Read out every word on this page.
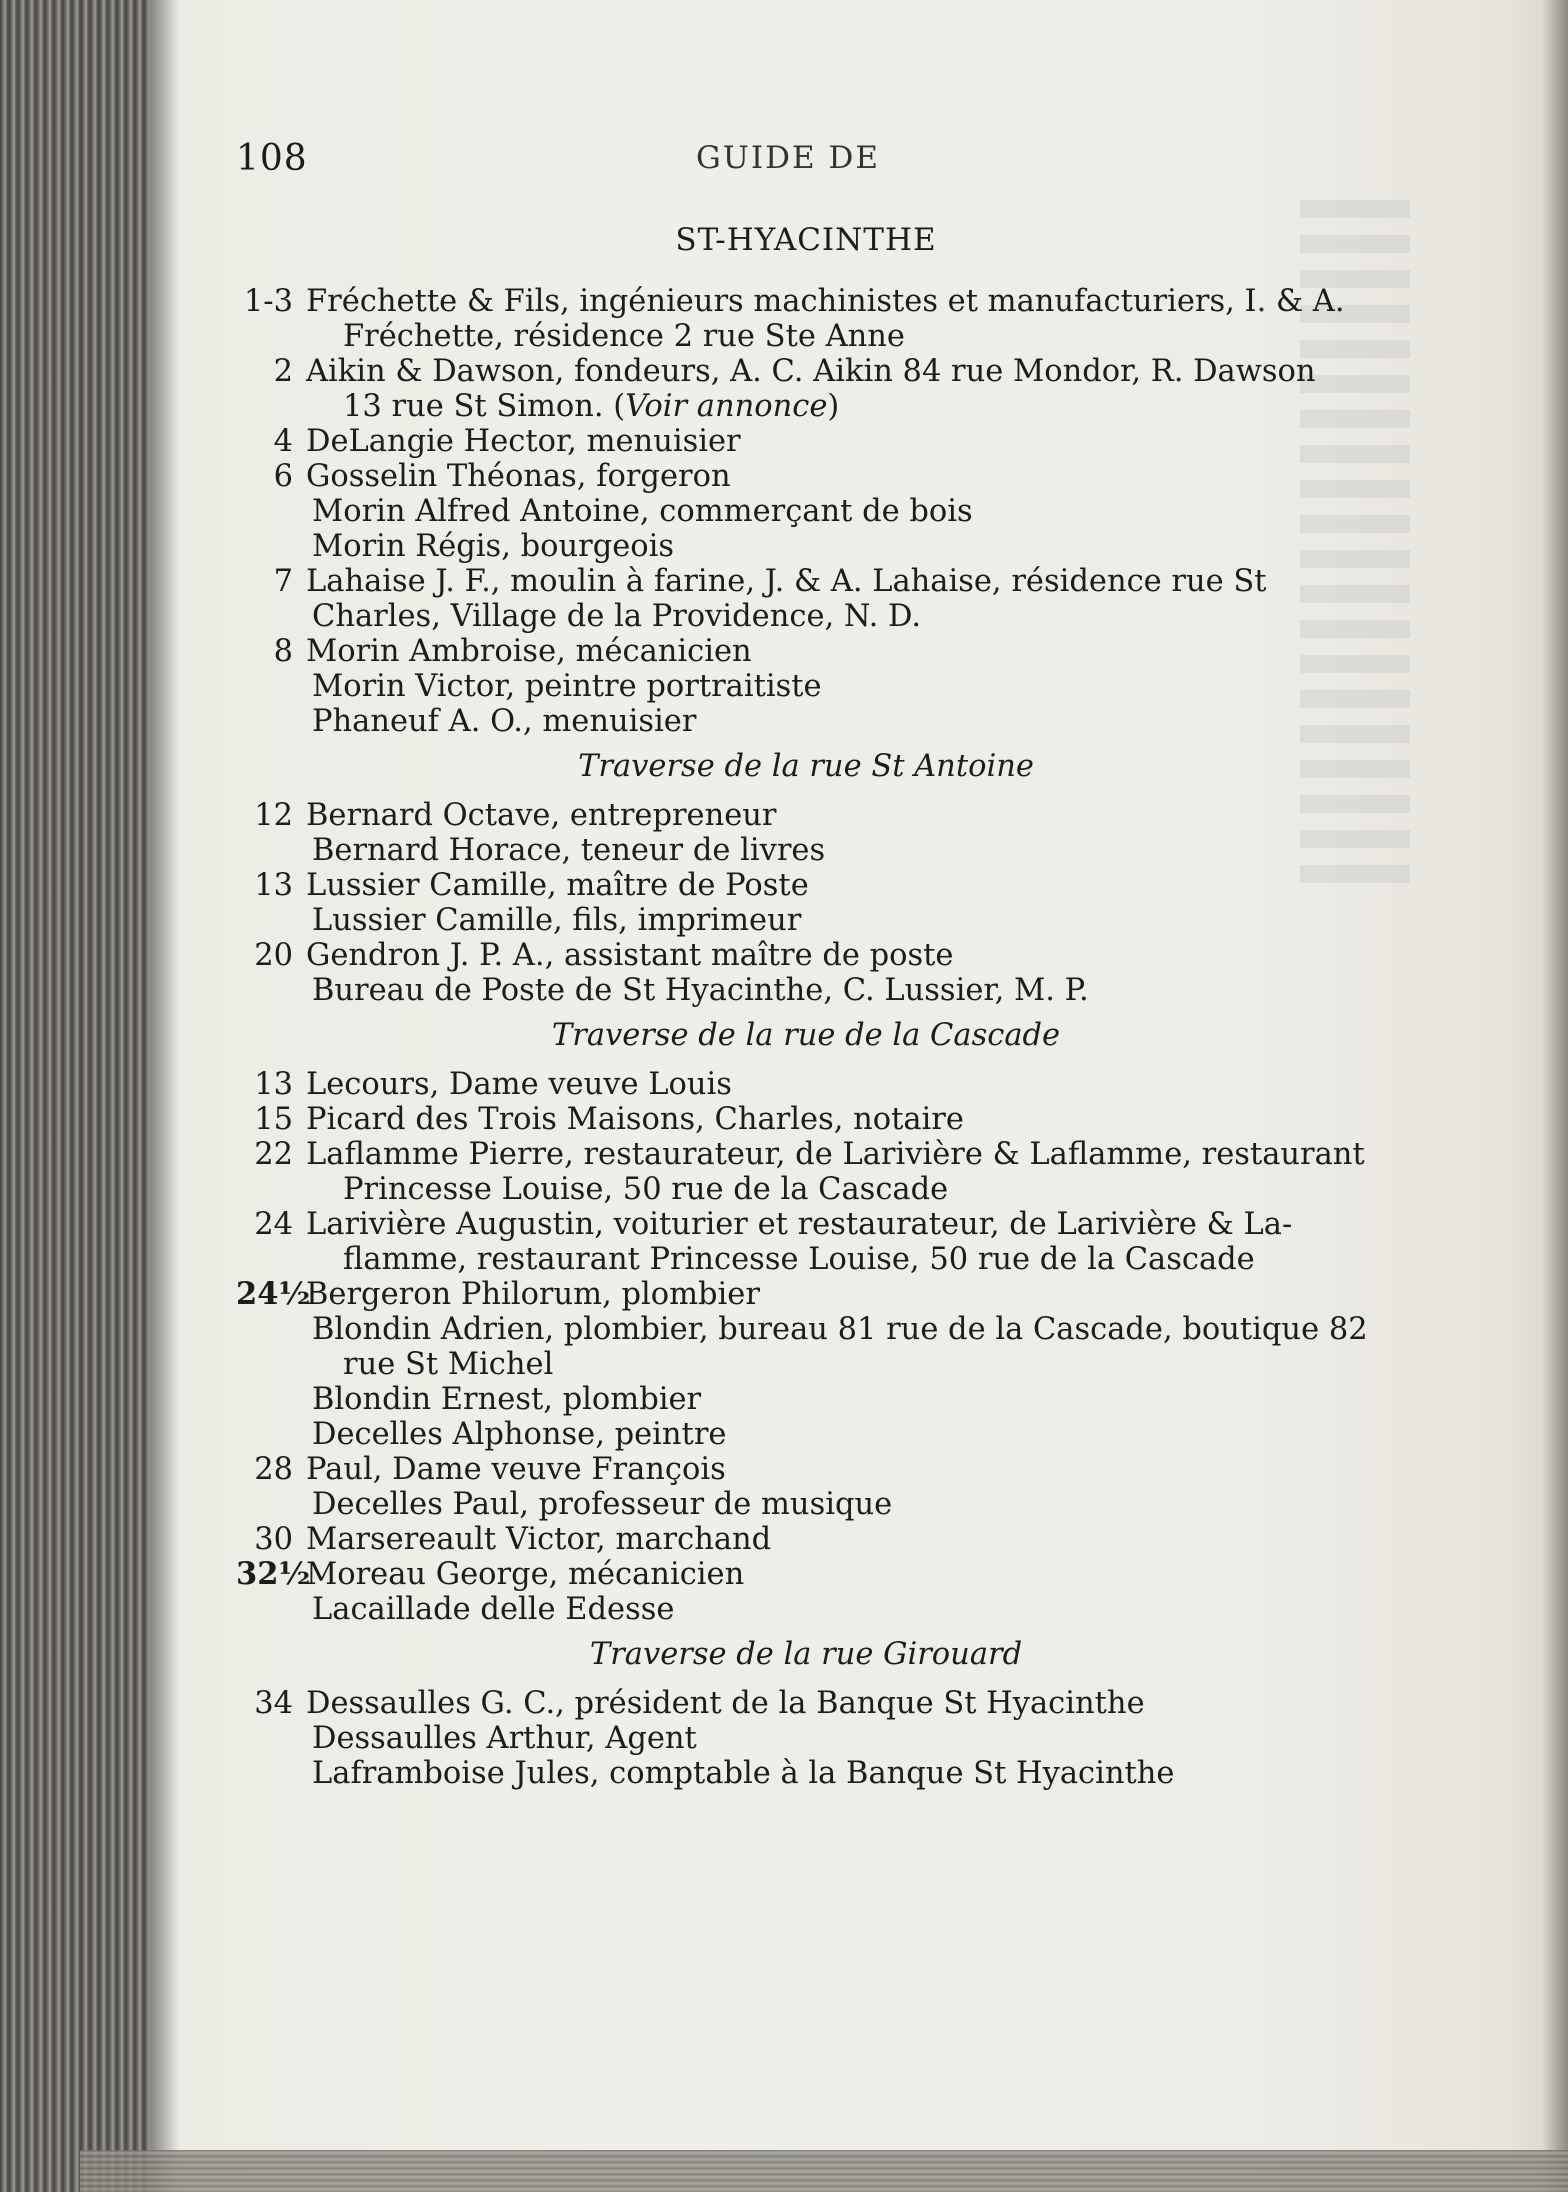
108	GUIDE DE
ST-HYACINTHE
1-3 Fréchette & Fils, ingénieurs machinistes et manufacturiers, I. & A.
Fréchette, résidence 2 rue Ste Anne
2 Aikin & Dawson, fondeurs, A. C. Aikin 84 rue Mondor, R. Dawson
13 rue St Simon. (Voir annonce)
4 DeLangie Hector, menuisier
6 Gosselin Théonas, forgeron
Morin Alfred Antoine, commerçant de bois
Morin Régis, bourgeois
7 Lahaise J. F., moulin à farine, J. & A. Lahaise, résidence rue St
Charles, Village de la Providence, N. D.
8 Morin Ambroise, mécanicien
Morin Victor, peintre portraitiste
Phaneuf A. O., menuisier
Traverse de la rue St Antoine
12 Bernard Octave, entrepreneur
Bernard Horace, teneur de livres
13 Lussier Camille, maître de Poste
Lussier Camille, fils, imprimeur
20 Gendron J. P. A., assistant maître de poste
Bureau de Poste de St Hyacinthe, C. Lussier, M. P.
Traverse de la rue de la Cascade
13 Lecours, Dame veuve Louis
15 Picard des Trois Maisons, Charles, notaire
22 Laflamme Pierre, restaurateur, de Larivière & Laflamme, restaurant
Princesse Louise, 50 rue de la Cascade
24 Larivière Augustin, voiturier et restaurateur, de Larivière & La-
flamme, restaurant Princesse Louise, 50 rue de la Cascade
24½
Bergeron Philorum, plombier
Blondin Adrien, plombier, bureau 81 rue de la Cascade, boutique 82
rue St Michel
Blondin Ernest, plombier
Decelles Alphonse, peintre
28 Paul, Dame veuve François
Decelles Paul, professeur de musique
30 Marsereault Victor, marchand
32½
Moreau George, mécanicien
Lacaillade delle Edesse
Traverse de la rue Girouard
34 Dessaulles G. C., président de la Banque St Hyacinthe
Dessaulles Arthur, Agent
Laframboise Jules, comptable à la Banque St Hyacinthe
